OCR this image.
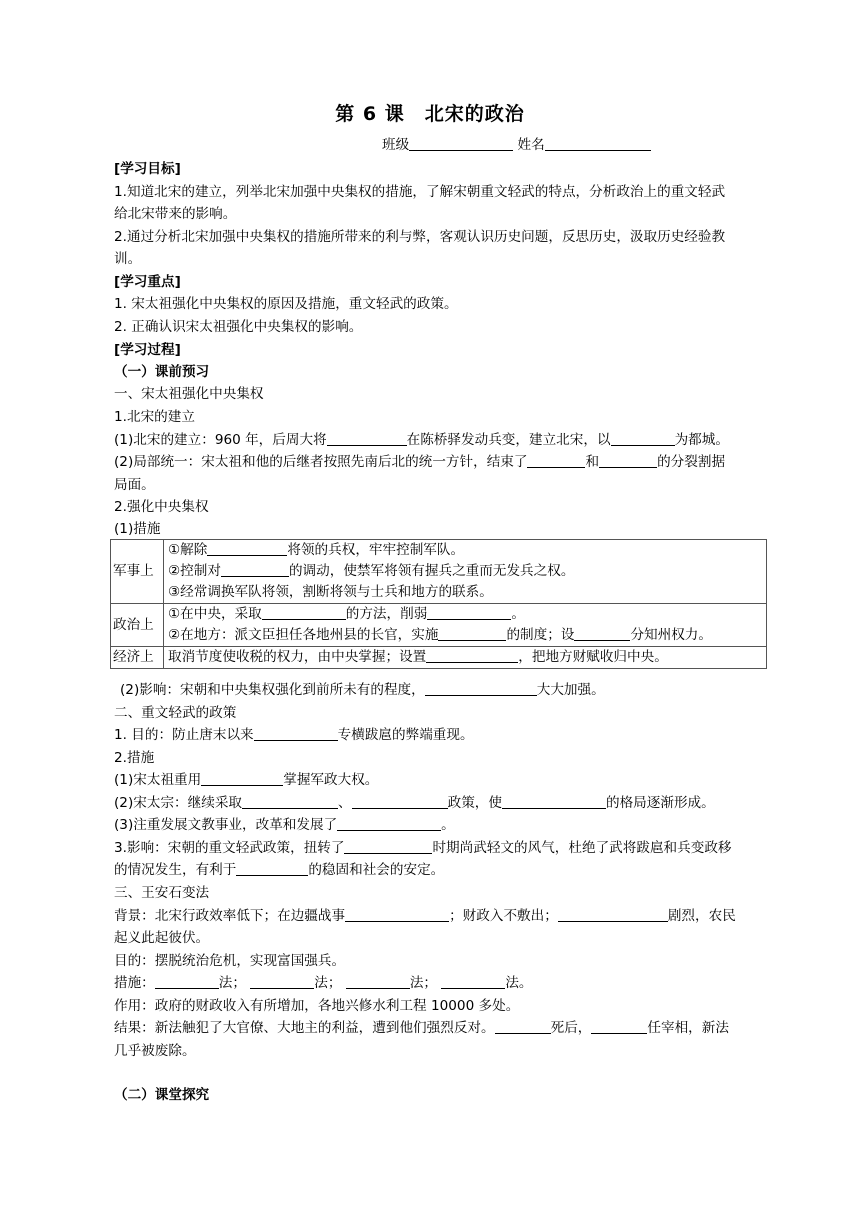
第 6 课　北宋的政治
班级	姓名
[学习目标]
1.知道北宋的建立，列举北宋加强中央集权的措施，了解宋朝重文轻武的特点，分析政治上的重文轻武
给北宋带来的影响。
2.通过分析北宋加强中央集权的措施所带来的利与弊，客观认识历史问题，反思历史，汲取历史经验教
训。
[学习重点]
1. 宋太祖强化中央集权的原因及措施，重文轻武的政策。
2. 正确认识宋太祖强化中央集权的影响。
[学习过程]
（一）课前预习
一、宋太祖强化中央集权
1.北宋的建立
(1)北宋的建立：960 年，后周大将	在陈桥驿发动兵变，建立北宋，以	为都城。
(2)局部统一：宋太祖和他的后继者按照先南后北的统一方针，结束了	和	的分裂割据
局面。
2.强化中央集权
(1)措施
军事上	①解除 将领的兵权，牢牢控制军队。
②控制对 的调动，使禁军将领有握兵之重而无发兵之权。
③经常调换军队将领，割断将领与士兵和地方的联系。

政治上	①在中央，采取 的方法，削弱 。
②在地方：派文臣担任各地州县的长官，实施 的制度；设 分知州权力。

经济上	取消节度使收税的权力，由中央掌握；设置 ，把地方财赋收归中央。
(2)影响：宋朝和中央集权强化到前所未有的程度，	大大加强。
二、重文轻武的政策
1. 目的：防止唐末以来	专横跋扈的弊端重现。
2.措施
(1)宋太祖重用	掌握军政大权。
(2)宋太宗：继续采取	、	政策，使	的格局逐渐形成。
(3)注重发展文教事业，改革和发展了	。
3.影响：宋朝的重文轻武政策，扭转了	时期尚武轻文的风气，杜绝了武将跋扈和兵变政移
的情况发生，有利于	的稳固和社会的安定。
三、王安石变法
背景：北宋行政效率低下；在边疆战事	；财政入不敷出；	剧烈，农民
起义此起彼伏。
目的：摆脱统治危机，实现富国强兵。
措施：	法；	法；	法；	法。
作用：政府的财政收入有所增加，各地兴修水利工程 10000 多处。
结果：新法触犯了大官僚、大地主的利益，遭到他们强烈反对。	死后，	任宰相，新法
几乎被废除。
（二）课堂探究
